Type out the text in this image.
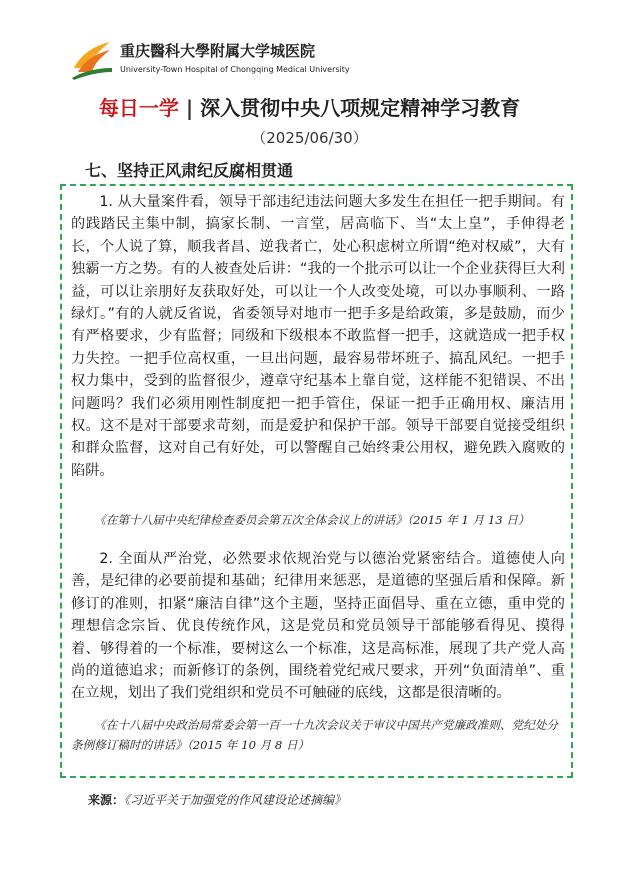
重庆醫科大學附属大学城医院
University-Town Hospital of Chongqing Medical University
每日一学 | 深入贯彻中央八项规定精神学习教育
（2025/06/30）
七、坚持正风肃纪反腐相贯通
1. 从大量案件看，领导干部违纪违法问题大多发生在担任一把手期间。有的践踏民主集中制，搞家长制、一言堂，居高临下、当“太上皇”，手伸得老长，个人说了算，顺我者昌、逆我者亡，处心积虑树立所谓“绝对权威”，大有独霸一方之势。有的人被查处后讲：“我的一个批示可以让一个企业获得巨大利益，可以让亲朋好友获取好处，可以让一个人改变处境，可以办事顺利、一路绿灯。”有的人就反省说，省委领导对地市一把手多是给政策，多是鼓励，而少有严格要求，少有监督；同级和下级根本不敢监督一把手，这就造成一把手权力失控。一把手位高权重，一旦出问题，最容易带坏班子、搞乱风纪。一把手权力集中，受到的监督很少，遵章守纪基本上靠自觉，这样能不犯错误、不出问题吗？我们必须用刚性制度把一把手管住，保证一把手正确用权、廉洁用权。这不是对干部要求苛刻，而是爱护和保护干部。领导干部要自觉接受组织和群众监督，这对自己有好处，可以警醒自己始终秉公用权，避免跌入腐败的陷阱。
《在第十八届中央纪律检查委员会第五次全体会议上的讲话》（2015 年 1 月 13 日）
2. 全面从严治党，必然要求依规治党与以德治党紧密结合。道德使人向善，是纪律的必要前提和基础；纪律用来惩恶，是道德的坚强后盾和保障。新修订的准则，扣紧“廉洁自律”这个主题，坚持正面倡导、重在立德，重申党的理想信念宗旨、优良传统作风，这是党员和党员领导干部能够看得见、摸得着、够得着的一个标准，要树这么一个标准，这是高标准，展现了共产党人高尚的道德追求；而新修订的条例，围绕着党纪戒尺要求，开列“负面清单”、重在立规，划出了我们党组织和党员不可触碰的底线，这都是很清晰的。
《在十八届中央政治局常委会第一百一十九次会议关于审议中国共产党廉政准则、党纪处分条例修订稿时的讲话》（2015 年 10 月 8 日）
来源：《习近平关于加强党的作风建设论述摘编》
